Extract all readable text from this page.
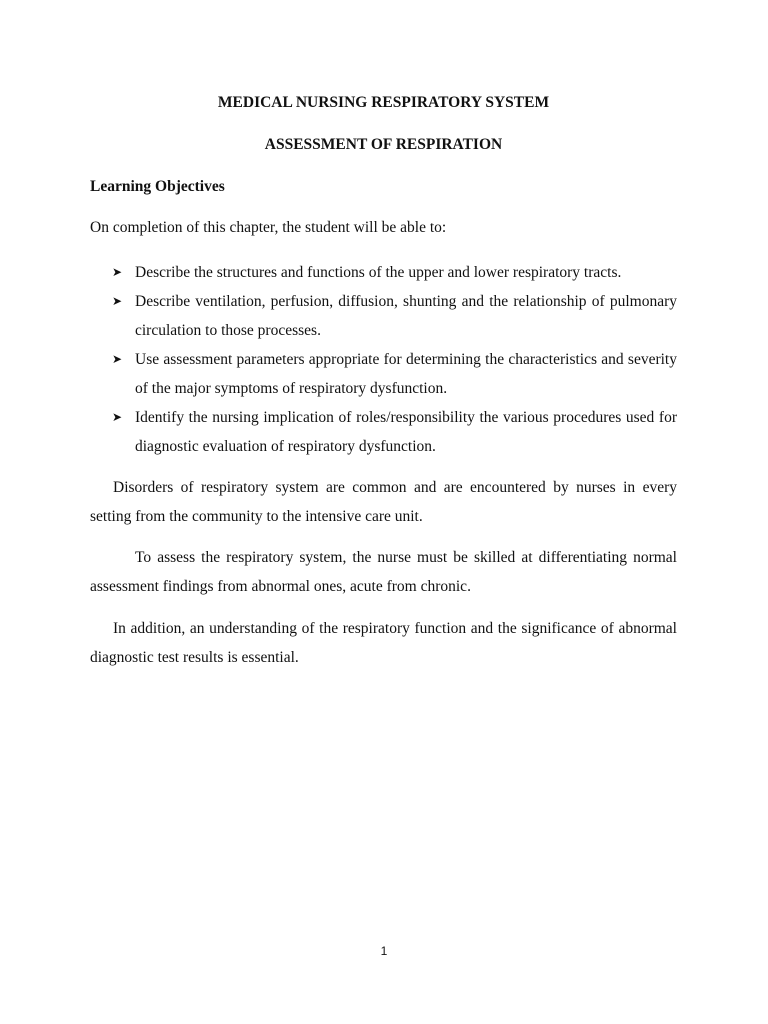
MEDICAL NURSING RESPIRATORY SYSTEM
ASSESSMENT OF RESPIRATION
Learning Objectives

On completion of this chapter, the student will be able to:

➤ Describe the structures and functions of the upper and lower respiratory tracts.
➤ Describe ventilation, perfusion, diffusion, shunting and the relationship of pulmonary circulation to those processes.
➤ Use assessment parameters appropriate for determining the characteristics and severity of the major symptoms of respiratory dysfunction.
➤ Identify the nursing implication of roles/responsibility the various procedures used for diagnostic evaluation of respiratory dysfunction.

Disorders of respiratory system are common and are encountered by nurses in every setting from the community to the intensive care unit.

To assess the respiratory system, the nurse must be skilled at differentiating normal assessment findings from abnormal ones, acute from chronic.

In addition, an understanding of the respiratory function and the significance of abnormal diagnostic test results is essential.

1
